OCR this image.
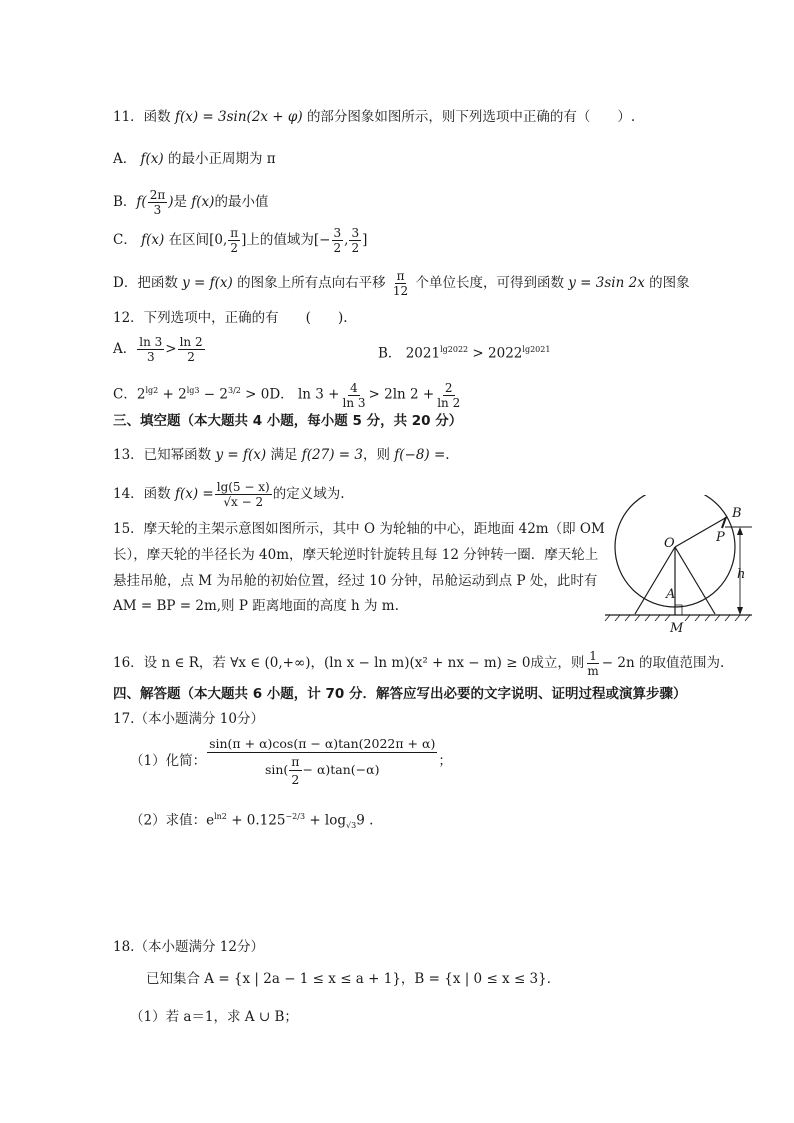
11．函数 f(x) = 3sin(2x + φ) 的部分图象如图所示，则下列选项中正确的有（　　）.
A． f(x) 的最小正周期为 π
B．$f( \frac{2\pi}{3}$ )是 f(x)的最小值
C． f(x) 在区间[0, $\frac{\pi}{2}$ ]上的值域为[− $\frac{3}{2}$ , $\frac{3}{2}$ ]
D．把函数 y = f(x) 的图象上所有点向右平移 $\frac{\pi}{12}$ 个单位长度，可得到函数 y = 3sin 2x 的图象
12．下列选项中，正确的有　　(　　).
A． $\frac{\ln 3}{3} > \frac{\ln 2}{2}$	B． $2021^{lg2022} > 2022^{lg2021}$
C．$2^{lg2} + 2^{lg3} - 2^{3/2} > 0D$． $\ln 3 + \frac{4}{\ln 3} > 2\ln$ $2 + \frac{2}{\ln 2}$
三、填空题（本大题共 4 小题，每小题 5 分，共 20 分）
13．已知幂函数 y = f(x) 满足 f(27) = 3，则 f(−8) =.
14．函数 $f(x) = \frac{\lg(5 - x)}{√x - 2}$ 的定义域为.
15．摩天轮的主架示意图如图所示，其中 O 为轮轴的中心，距地面 42m（即 OM
长），摩天轮的半径长为 40m，摩天轮逆时针旋转且每 12 分钟转一圈．摩天轮上
悬挂吊舱，点 M 为吊舱的初始位置，经过 10 分钟，吊舱运动到点 P 处，此时有
AM = BP = 2m,则 P 距离地面的高度 h 为 m.
O
B
P
h
A
M
16．设 n ∈ R，若 ∀x ∈ (0,+∞)，(ln x − ln m)(x² + nx − m) ≥ 0成立，则 $\frac{1}{m} - 2n$ 的取值范围为.
四、解答题（本大题共 6 小题，计 70 分．解答应写出必要的文字说明、证明过程或演算步骤）
17.（本小题满分 10分）
（1）化简： $\frac{\sin(\pi + \alpha)\cos(\pi - \alpha)\tan(2022\pi + \alpha)}{\sin( \frac{\pi}{2} - \alpha)\tan(-\alpha)}$ ；
（2）求值：$e^{ln2} + 0.125^{-2/3} + \log_{√3}9$ .
18.（本小题满分 12分）
已知集合 A = {x | 2a − 1 ≤ x ≤ a + 1}，B = {x | 0 ≤ x ≤ 3}．
（1）若 a＝1，求 A ∪ B；
